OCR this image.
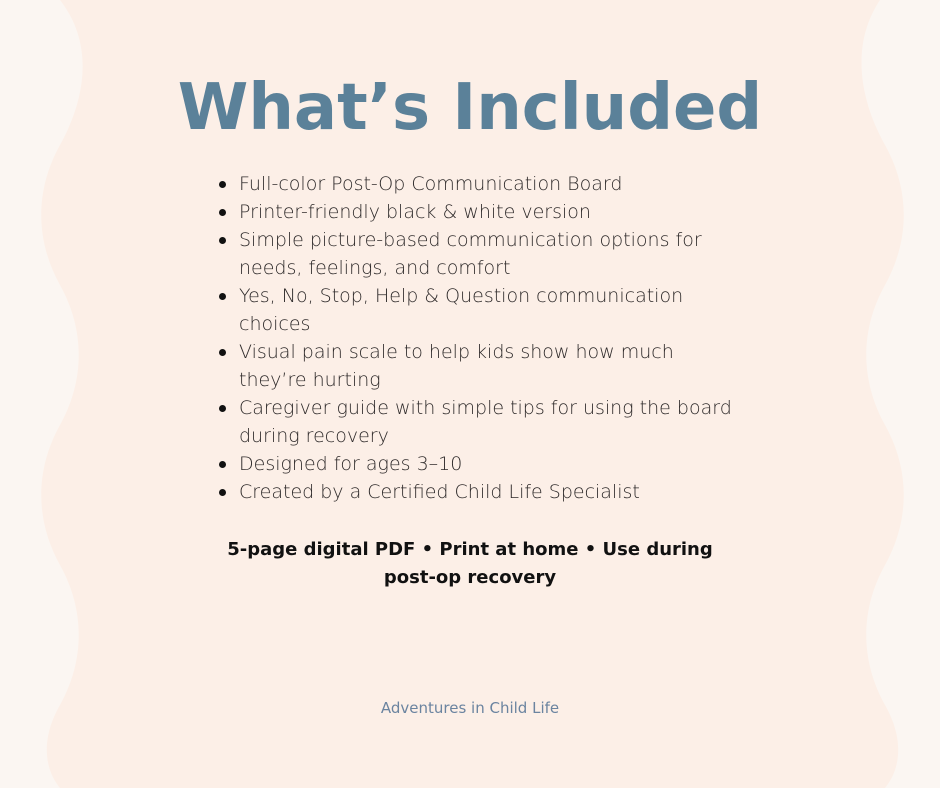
What’s Included
Full-color Post-Op Communication Board
Printer-friendly black & white version
Simple picture-based communication options for needs, feelings, and comfort
Yes, No, Stop, Help & Question communication choices
Visual pain scale to help kids show how much they’re hurting
Caregiver guide with simple tips for using the board during recovery
Designed for ages 3–10
Created by a Certified Child Life Specialist

5-page digital PDF • Print at home • Use during post-op recovery

Adventures in Child Life
